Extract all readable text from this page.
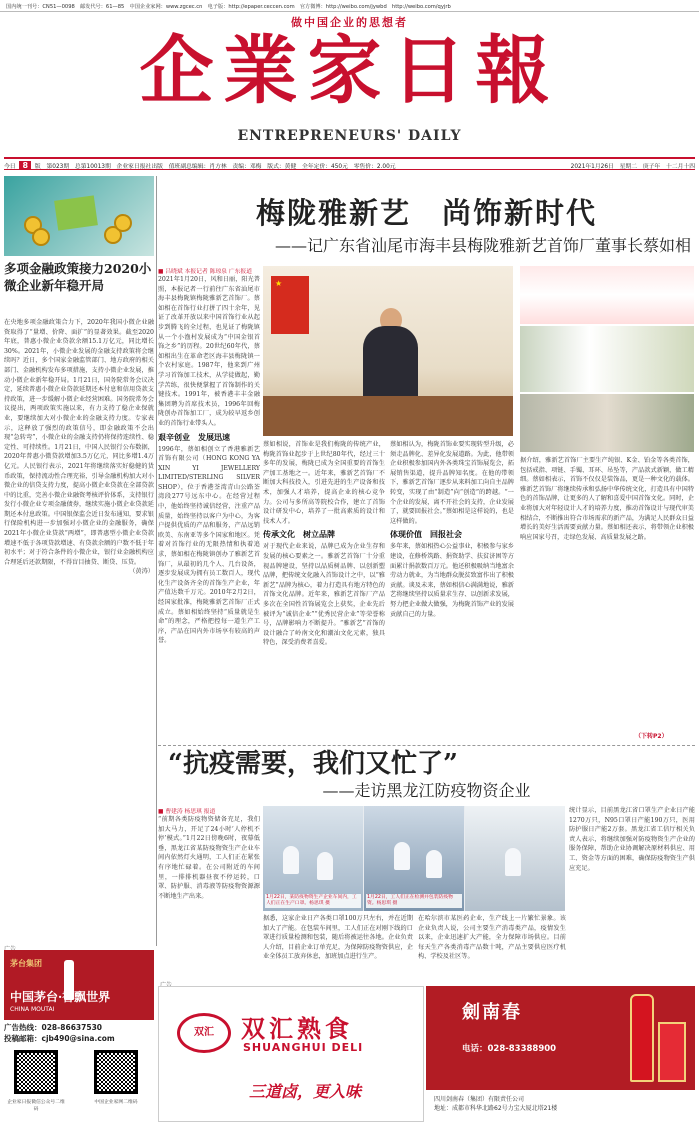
国内统一刊号：CN51—0098　邮发代号：61—85　中国企业家网：www.zgcec.cn　电子版：http://epaper.ceccen.com　官方微博：http://weibo.com/jywbd　http://weibo.com/qyjrb
做中国企业的思想者
企業家日報
ENTREPRENEURS' DAILY
今日 8 版　第023期　总第10013期　企业家日报社出版　值班副总编辑：肖方林　责编：邓梅　版式：黄健　全年定价：450元　零售价：2.00元	2021年1月26日　星期二　庚子年　十二月十四
多项金融政策接力2020小微企业新年稳开局

在央地多项金融政策合力下，2020年我国小微企业融资取得了“量增、价降、面扩”的显著效果。截至2020年底，普惠小微企业贷款余额15.1万亿元，同比增长30%。2021年，小微企业发展的金融支持政策将会继续吗？近日，多个国家金融监管部门、地方政府的相关部门、金融机构发布多项措施，支持小微企业发展，推动小微企业新年稳开局。1月21日，国务院常务会议决定，延续普惠小微企业贷款延期还本付息和信用贷款支持政策，进一步缓解小微企业经营困难。国务院常务会议提出，两项政策实施以来，有力支持了稳企业保就业，要继续加大对小微企业的金融支持力度。专家表示，这释放了强烈的政策信号，即金融政策不会出现“急转弯”，小微企业的金融支持仍将保持连续性、稳定性、可持续性。1月21日，中国人民银行公布数据，2020年普惠小微贷款增加3.5万亿元，同比多增1.4万亿元。人民银行表示，2021年将继续落实好稳健的货币政策，保持流动性合理充裕，引导金融机构加大对小微企业的信贷支持力度，提高小微企业贷款在全部贷款中的比重，完善小微企业融资考核评价体系，支持银行发行小微企业专项金融债券，继续实施小微企业贷款延期还本付息政策。中国银保监会近日发布通知，要求银行保险机构进一步加强对小微企业的金融服务，确保2021年小微企业贷款“两增”，即普惠型小微企业贷款增速不低于各项贷款增速、有贷款余额的户数不低于年初水平；对于符合条件的小微企业，银行业金融机构应合理延后还款期限，不得盲目抽贷、断贷、压贷。

（黄涛）

梅陇雅新艺　尚饰新时代
——记广东省汕尾市海丰县梅陇雅新艺首饰厂董事长蔡如相

■ 吕晓斌 本报记者 陈琼泉 广东报道

2021年1月20日，风和日丽，阳光普照，本报记者一行前往广东省汕尾市海丰县梅陇镇梅陇雅新艺首饰厂。蔡如相在首饰行业打拼了四十余年，见证了改革开放以来中国首饰行业从起步到腾飞的全过程，也见证了梅陇镇从一个小渔村发展成为“中国金银首饰之乡”的历程。20世纪60年代，蔡如相出生在革命老区海丰县梅陇镇一个农村家庭。1987年，他来到广州学习首饰加工技术，从学徒做起，勤学苦练，很快便掌握了首饰制作的关键技术。1991年，被香港丰丰金融集团聘为首席技术员，1996年回梅陇创办首饰加工厂，成为较早返乡创业的首饰行业带头人。

艰辛创业　发展迅速

1996年，蔡如相创立了香港雅新艺首饰有限公司（HONG KONG YA XIN YI JEWELLERY LIMITED/STERLING SILVER SHOP），位于香港荃湾青山公路荃湾段277号远东中心。在经营过程中，他始终坚持诚信经营，注重产品质量，始终坚持以客户为中心，为客户提供优质的产品和服务，产品远销欧美、东南亚等多个国家和地区。凭着对首饰行业的无限热情和执着追求，蔡如相在梅陇镇创办了雅新艺首饰厂，从最初的几个人、几台设备，逐步发展成为拥有员工数百人，现代化生产设备齐全的首饰生产企业，年产值达数千万元。2010年2月2日，经国家批准，梅陇雅新艺首饰厂正式成立。蔡如相始终坚持“质量就是生命”的理念，严格把控每一道生产工序，产品在国内外市场享有较高的声誉。

★

蔡如相说，首饰业是我们梅陇的传统产业，梅陇首饰业起步于上世纪80年代，经过三十多年的发展，梅陇已成为全国重要的首饰生产加工基地之一。近年来，雅新艺首饰厂不断加大科技投入，引进先进的生产设备和技术，加强人才培养，提高企业的核心竞争力。公司与多所高等院校合作，建立了首饰设计研发中心，培养了一批高素质的设计和技术人才。

传承文化　树立品牌

对于现代企业来说，品牌已成为企业生存和发展的核心要素之一。雅新艺首饰厂十分重视品牌建设，坚持以品质树品牌、以创新塑品牌，把传统文化融入首饰设计之中，以“雅新艺”品牌为核心，着力打造具有地方特色的首饰文化品牌。近年来，雅新艺首饰厂产品多次在全国性首饰展览会上获奖，企业先后被评为“诚信企业”“优秀民营企业”等荣誉称号，品牌影响力不断提升。“雅新艺”首饰的设计融合了岭南文化和潮汕文化元素，独具特色，深受消费者喜爱。

蔡如相认为，梅陇首饰业要实现转型升级，必须走品牌化、差异化发展道路。为此，他带领企业积极参加国内外各类珠宝首饰展览会，拓展销售渠道，提升品牌知名度。在他的带领下，雅新艺首饰厂逐步从来料加工向自主品牌转变，实现了由“制造”向“创造”的跨越。“一个企业的发展，离不开社会的支持，企业发展了，就要回报社会。”蔡如相是这样说的，也是这样做的。

体现价值　回报社会

多年来，蔡如相热心公益事业，积极参与家乡建设，在修桥筑路、捐资助学、扶贫济困等方面累计捐款数百万元。他还积极吸纳当地富余劳动力就业，为当地群众脱贫致富作出了积极贡献。谈及未来，蔡如相信心满满地说，雅新艺将继续坚持以质量求生存、以创新求发展，努力把企业做大做强，为梅陇首饰产业的发展贡献自己的力量。

据介绍，雅新艺首饰厂主要生产纯银、K金、铂金等各类首饰，包括戒指、项链、手镯、耳环、吊坠等，产品款式新颖，做工精细。蔡如相表示，首饰不仅仅是装饰品，更是一种文化的载体。雅新艺首饰厂将继续传承和弘扬中华传统文化，打造具有中国特色的首饰品牌，让更多的人了解和喜爱中国首饰文化。同时，企业将加大对年轻设计人才的培养力度，推动首饰设计与现代审美相结合，不断推出符合市场需求的新产品，为满足人民群众日益增长的美好生活需要贡献力量。蔡如相还表示，将带领企业积极响应国家号召，走绿色发展、高质量发展之路。

（下转P2）
“抗疫需要，我们又忙了”
——走访黑龙江防疫物资企业

■ 曹建涛 杨思琪 报道

“前期各类防疫物资储备充足，我们加大马力，开足了24小时‘人停机不停’模式。”1月22日傍晚6时，夜幕低垂，黑龙江省某防疫物资生产企业车间内依然灯火通明，工人们正在紧张有序地忙碌着。在公司附近的车间里，一排排机器昼夜不停运转，口罩、防护服、消毒液等防疫物资源源不断地生产出来。	1月22日，某防疫物资生产企业车间内，工人们正在生产口罩。杨思琪 摄
1月22日，工人们正在检测并包装防疫物资。杨思琪 摄

据悉，这家企业日产各类口罩100万只左右，并在近期加大了产能。在包装车间里，工人们正在对刚下线的口罩进行质量检测和包装，随后将被运往各地。企业负责人介绍，目前企业订单充足，为保障防疫物资供应，企业全体员工放弃休息，加班加点进行生产。

在哈尔滨市某医药企业，生产线上一片繁忙景象。该企业负责人说，公司主要生产消毒类产品，疫情发生以来，企业迅速扩大产能，全力保障市场供应。目前每天生产各类消毒产品数十吨，产品主要供应医疗机构、学校及社区等。

统计显示，目前黑龙江省口罩生产企业日产能1270万只，N95口罩日产能190万只，医用防护服日产能2万套。黑龙江省工信厅相关负责人表示，将继续加强对防疫物资生产企业的服务保障，帮助企业协调解决原材料供应、用工、资金等方面的困难，确保防疫物资生产供应充足。

茅台集团
中国茅台·香飘世界
CHINA MOUTAI
广告热线：028-86637530
投稿邮箱：cjb490@sina.com
企业家日报微信公众号二维码
中国企业家网二维码
双汇	双汇熟食
SHUANGHUI DELI
三道卤，更入味
劍南春
电话：028-83388900
四川剑南春（集团）有限责任公司
地址：成都市科华北路62号力宝大厦北塔21楼
